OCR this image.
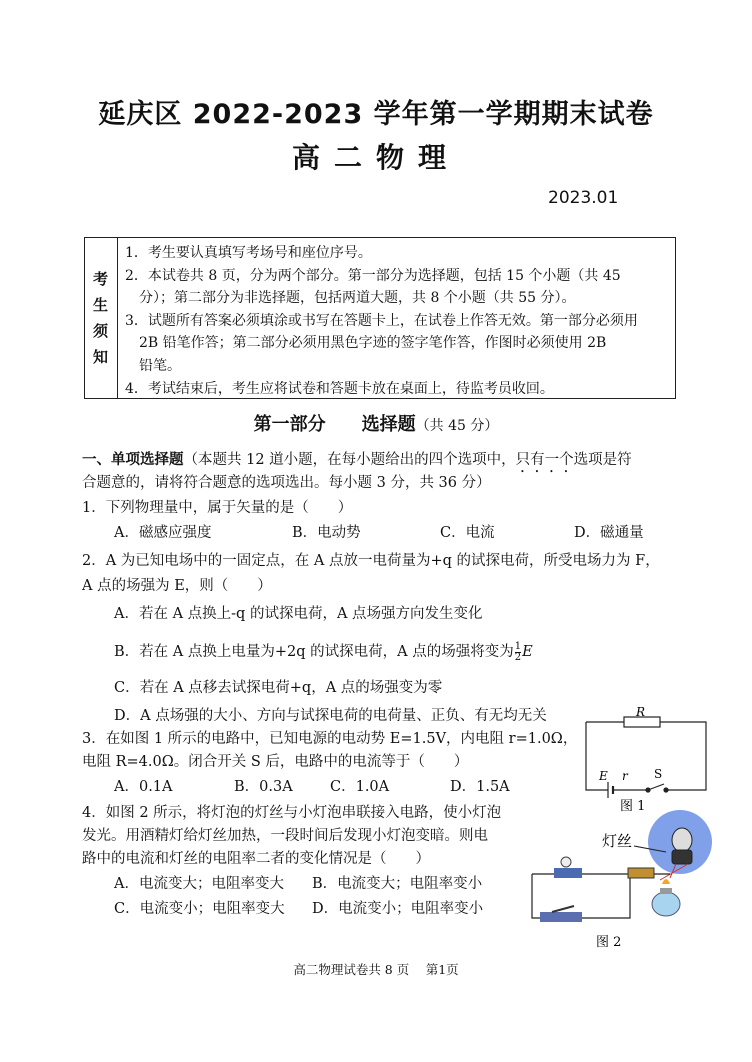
延庆区 2022-2023 学年第一学期期末试卷
高二物理
2023.01
考
生
须
知
1．考生要认真填写考场号和座位序号。
2．本试卷共 8 页，分为两个部分。第一部分为选择题，包括 15 个小题（共 45
分）；第二部分为非选择题，包括两道大题，共 8 个小题（共 55 分）。
3．试题所有答案必须填涂或书写在答题卡上，在试卷上作答无效。第一部分必须用
2B 铅笔作答；第二部分必须用黑色字迹的签字笔作答，作图时必须使用 2B
铅笔。
4．考试结束后，考生应将试卷和答题卡放在桌面上，待监考员收回。
第一部分　　选择题（共 45 分）
一、单项选择题（本题共 12 道小题，在每小题给出的四个选项中，只有一个选项是符
合题意的，请将符合题意的选项选出。每小题 3 分，共 36 分）
1．下列物理量中，属于矢量的是（　　）
A．磁感应强度	B．电动势	C．电流	D．磁通量
2．A 为已知电场中的一固定点，在 A 点放一电荷量为+q 的试探电荷，所受电场力为 F，
A 点的场强为 E，则（　　）
A．若在 A 点换上-q 的试探电荷，A 点场强方向发生变化
B．若在 A 点换上电量为+2q 的试探电荷，A 点的场强将变为 $\frac{1}{2}$ E
C．若在 A 点移去试探电荷+q，A 点的场强变为零
D．A 点场强的大小、方向与试探电荷的电荷量、正负、有无均无关
3．在如图 1 所示的电路中，已知电源的电动势 E=1.5V，内电阻 r=1.0Ω，
电阻 R=4.0Ω。闭合开关 S 后，电路中的电流等于（　　）
A．0.1A	B．0.3A	C．1.0A	D．1.5A
4．如图 2 所示，将灯泡的灯丝与小灯泡串联接入电路，使小灯泡
发光。用酒精灯给灯丝加热，一段时间后发现小灯泡变暗。则电
路中的电流和灯丝的电阻率二者的变化情况是（　　）
A．电流变大；电阻率变大 B．电流变大；电阻率变小
C．电流变小；电阻率变大 D．电流变小；电阻率变小
R
E r S
图 1
灯丝
图 2
高二物理试卷共 8 页　 第1页
